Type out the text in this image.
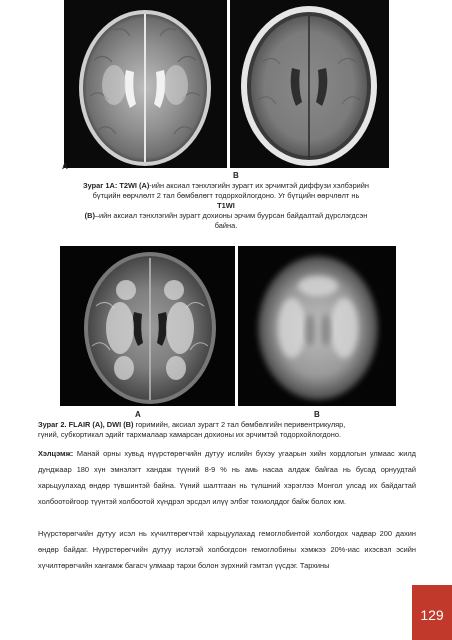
A
B
Зураг 1A: T2WI (A)-ийн аксиал тэнхлэгийн зурагт их эрчимтэй диффузи хэлбэрийн
бүтцийн өөрчлөлт 2 тал бөмбөлөгт тодорхойлогдоно. Уг бүтцийн өөрчлөлт нь
T1WI
(B)–ийн аксиал тэнхлэгийн зурагт дохионы эрчим буурсан байдалтай дүрслэгдсэн
байна.
A	B
Зураг 2. FLAIR (A), DWI (B) горимийн, аксиал зурагт 2 тал бөмбөлгийн перивентрикуляр,
гүний, субкортикал эдийг тархмалаар хамарсан дохионы их эрчимтэй тодорхойлогдоно.
Хэлцэмж: Манай орны хувьд нүүрстөрөгчийн дутуу ислийн бүхэу угаарын хийн хордлогын улмаас жилд дунджаар 180 хүн эмнэлэгт хандаж түүний 8-9 % нь амь насаа алдаж байгаа нь бусад орнуудтай харьцуулахад өндөр түвшинтэй байна. Үүний шалтгаан нь түлшний хэрэглээ Монгол улсад их байдагтай холбоотойгоор түүнтэй холбоотой хүндрэл эрсдэл илүү элбэг тохиолддог байж болох юм.
Нүүрстөрөгчийн дутуу исэл нь хүчилтөрөгчтэй харьцуулахад гемоглобинтой холбогдох чадвар 200 дахин өндөр байдаг. Нүүрстөрөгчийн дутуу ислэтэй холбогдсон гемоглобины хэмжээ 20%-иас ихэсвэл эсийн хүчилтөрөгчийн хангамж багасч улмаар тархи болон зүрхний гэмтэл үүсдэг. Тархины
129
